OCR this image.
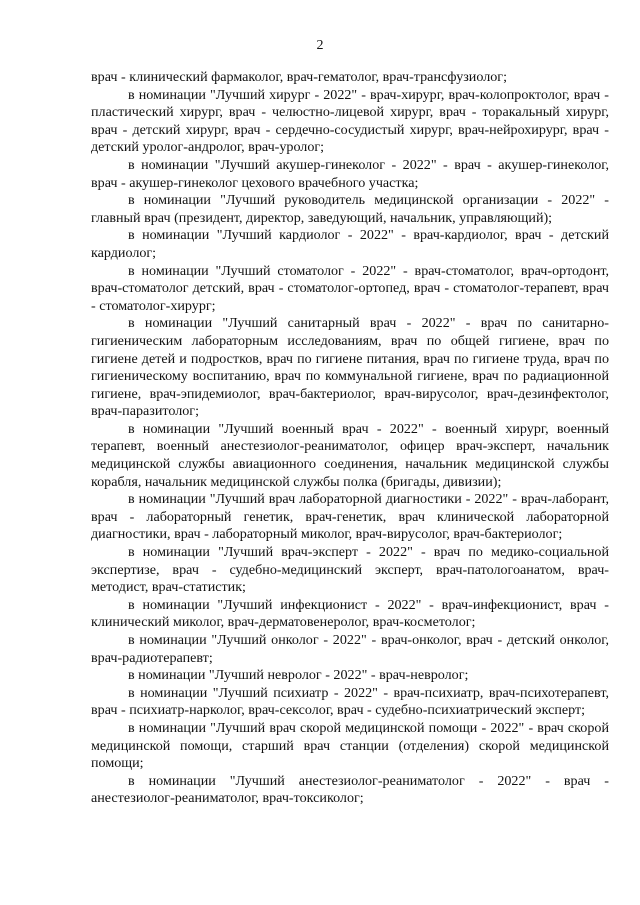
2

врач - клинический фармаколог, врач-гематолог, врач-трансфузиолог;

в номинации "Лучший хирург - 2022" - врач-хирург, врач-колопроктолог, врач - пластический хирург, врач - челюстно-лицевой хирург, врач - торакальный хирург, врач - детский хирург, врач - сердечно-сосудистый хирург, врач-нейрохирург, врач - детский уролог-андролог, врач-уролог;

в номинации "Лучший акушер-гинеколог - 2022" - врач - акушер-гинеколог, врач - акушер-гинеколог цехового врачебного участка;

в номинации "Лучший руководитель медицинской организации - 2022" - главный врач (президент, директор, заведующий, начальник, управляющий);

в номинации "Лучший кардиолог - 2022" - врач-кардиолог, врач - детский кардиолог;

в номинации "Лучший стоматолог - 2022" - врач-стоматолог, врач-ортодонт, врач-стоматолог детский, врач - стоматолог-ортопед, врач - стоматолог-терапевт, врач - стоматолог-хирург;

в номинации "Лучший санитарный врач - 2022" - врач по санитарно-гигиеническим лабораторным исследованиям, врач по общей гигиене, врач по гигиене детей и подростков, врач по гигиене питания, врач по гигиене труда, врач по гигиеническому воспитанию, врач по коммунальной гигиене, врач по радиационной гигиене, врач-эпидемиолог, врач-бактериолог, врач-вирусолог, врач-дезинфектолог, врач-паразитолог;

в номинации "Лучший военный врач - 2022" - военный хирург, военный терапевт, военный анестезиолог-реаниматолог, офицер врач-эксперт, начальник медицинской службы авиационного соединения, начальник медицинской службы корабля, начальник медицинской службы полка (бригады, дивизии);

в номинации "Лучший врач лабораторной диагностики - 2022" - врач-лаборант, врач - лабораторный генетик, врач-генетик, врач клинической лабораторной диагностики, врач - лабораторный миколог, врач-вирусолог, врач-бактериолог;

в номинации "Лучший врач-эксперт - 2022" - врач по медико-социальной экспертизе, врач - судебно-медицинский эксперт, врач-патологоанатом, врач-методист, врач-статистик;

в номинации "Лучший инфекционист - 2022" - врач-инфекционист, врач - клинический миколог, врач-дерматовенеролог, врач-косметолог;

в номинации "Лучший онколог - 2022" - врач-онколог, врач - детский онколог, врач-радиотерапевт;

в номинации "Лучший невролог - 2022" - врач-невролог;

в номинации "Лучший психиатр - 2022" - врач-психиатр, врач-психотерапевт, врач - психиатр-нарколог, врач-сексолог, врач - судебно-психиатрический эксперт;

в номинации "Лучший врач скорой медицинской помощи - 2022" - врач скорой медицинской помощи, старший врач станции (отделения) скорой медицинской помощи;

в номинации "Лучший анестезиолог-реаниматолог - 2022" - врач - анестезиолог-реаниматолог, врач-токсиколог;
